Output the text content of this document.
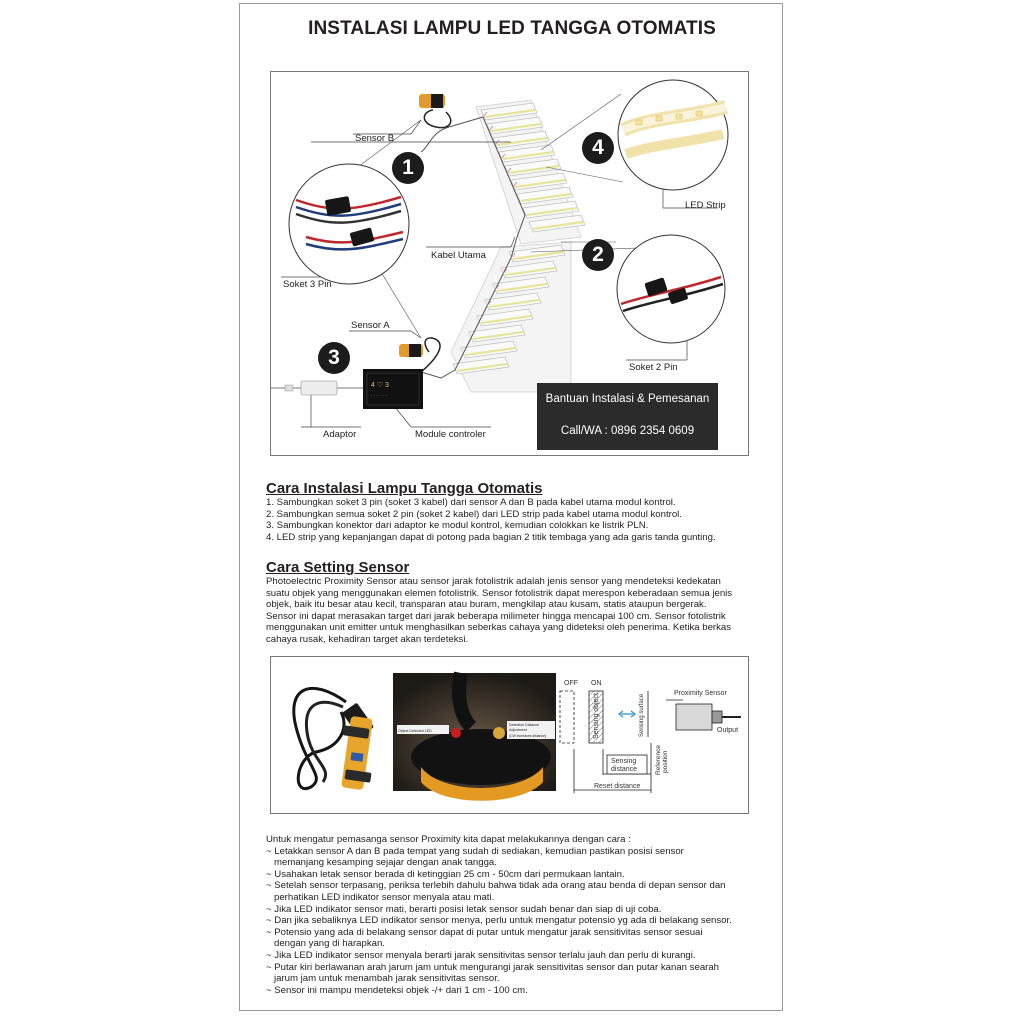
INSTALASI LAMPU LED TANGGA OTOMATIS
4 ♡ 3
· · · · · · ·
Sensor B
Soket 3 Pin
Kabel Utama
LED Strip
Sensor A
Soket 2 Pin
Adaptor	Module controler
1
2
3
4
Bantuan Instalasi & Pemesanan
Call/WA : 0896 2354 0609
Cara Instalasi Lampu Tangga Otomatis

1. Sambungkan soket 3 pin (soket 3 kabel) dari sensor A dan B pada kabel utama modul kontrol.

2. Sambungkan semua soket 2 pin (soket 2 kabel) dari LED strip pada kabel utama modul kontrol.

3. Sambungkan konektor dari adaptor ke modul kontrol, kemudian colokkan ke listrik PLN.

4. LED strip yang kepanjangan dapat di potong pada bagian 2 titik tembaga yang ada garis tanda gunting.

Cara Setting Sensor

Photoelectric Proximity Sensor atau sensor jarak fotolistrik adalah jenis sensor yang mendeteksi kedekatan

suatu objek yang menggunakan elemen fotolistrik. Sensor fotolistrik dapat merespon keberadaan semua jenis

objek, baik itu besar atau kecil, transparan atau buram, mengkilap atau kusam, statis ataupun bergerak.

Sensor ini dapat merasakan target dari jarak beberapa milimeter hingga mencapai 100 cm. Sensor fotolistrik

menggunakan unit emitter untuk menghasilkan seberkas cahaya yang dideteksi oleh penerima. Ketika berkas

cahaya rusak, kehadiran target akan terdeteksi.

OFF ON
Sensing object	Sensing surface
Proximity Sensor
Output
Sensing
distance	Reference position
Reset distance
Object Detected LED
Detection Distance
Adjustment
(CW Increases distance)

Untuk mengatur pemasanga sensor Proximity kita dapat melakukannya dengan cara :

~ Letakkan sensor A dan B pada tempat yang sudah di sediakan, kemudian pastikan posisi sensor

memanjang kesamping sejajar dengan anak tangga.

~ Usahakan letak sensor berada di ketinggian 25 cm - 50cm dari permukaan lantain.

~ Setelah sensor terpasang, periksa terlebih dahulu bahwa tidak ada orang atau benda di depan sensor dan

perhatikan LED indikator sensor menyala atau mati.

~ Jika LED indikator sensor mati, berarti posisi letak sensor sudah benar dan siap di uji coba.

~ Dan jika sebaliknya LED indikator sensor menya, perlu untuk mengatur potensio yg ada di belakang sensor.

~ Potensio yang ada di belakang sensor dapat di putar untuk mengatur jarak sensitivitas sensor sesuai

dengan yang di harapkan.

~ Jika LED indikator sensor menyala berarti jarak sensitivitas sensor terlalu jauh dan perlu di kurangi.

~ Putar kiri berlawanan arah jarum jam untuk mengurangi jarak sensitivitas sensor dan putar kanan searah

jarum jam untuk menambah jarak sensitivitas sensor.

~ Sensor ini mampu mendeteksi objek -/+ dari 1 cm - 100 cm.
